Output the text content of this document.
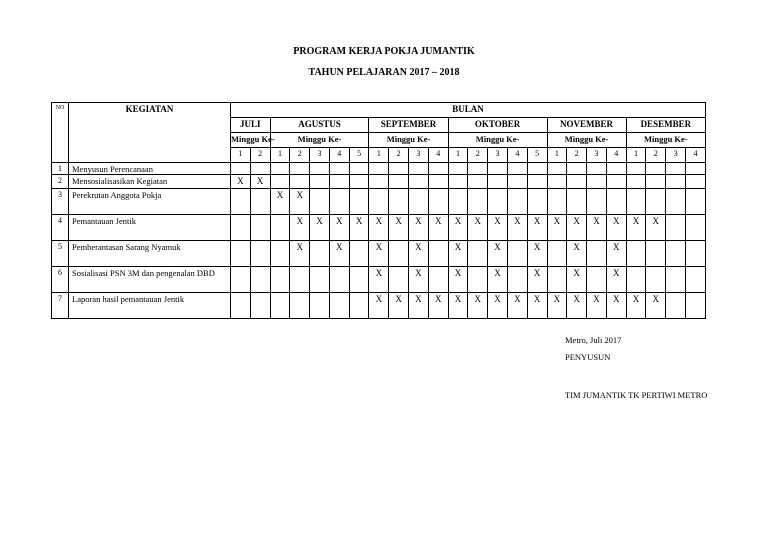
PROGRAM KERJA POKJA JUMANTIK
TAHUN PELAJARAN 2017 – 2018
NO	KEGIATAN	BULAN																							
		JULI		AGUSTUS					SEPTEMBER				OKTOBER					NOVEMBER				DESEMBER			
		Minggu Ke-		Minggu Ke-					Minggu Ke-				Minggu Ke-					Minggu Ke-				Minggu Ke-			
		1	2	1	2	3	4	5	1	2	3	4	1	2	3	4	5	1	2	3	4	1	2	3	4
1	Menyusun Perencanaan																								
2	Mensosialisasikan Kegiatan	X	X																						
3	Perekrutan Anggota Pokja			X	X																				
4	Pemantauan Jentik				X	X	X	X	X	X	X	X	X	X	X	X	X	X	X	X	X	X	X		
5	Pemberantasan Sarang Nyamuk				X		X		X		X		X		X		X		X		X				
6	Sosialisasi PSN 3M dan pengenalan DBD								X		X		X		X		X		X		X				
7	Laporan hasil pemantauan Jentik								X	X	X	X	X	X	X	X	X	X	X	X	X	X	X		
Metro, Juli 2017
PENYUSUN
TIM JUMANTIK TK PERTIWI METRO
